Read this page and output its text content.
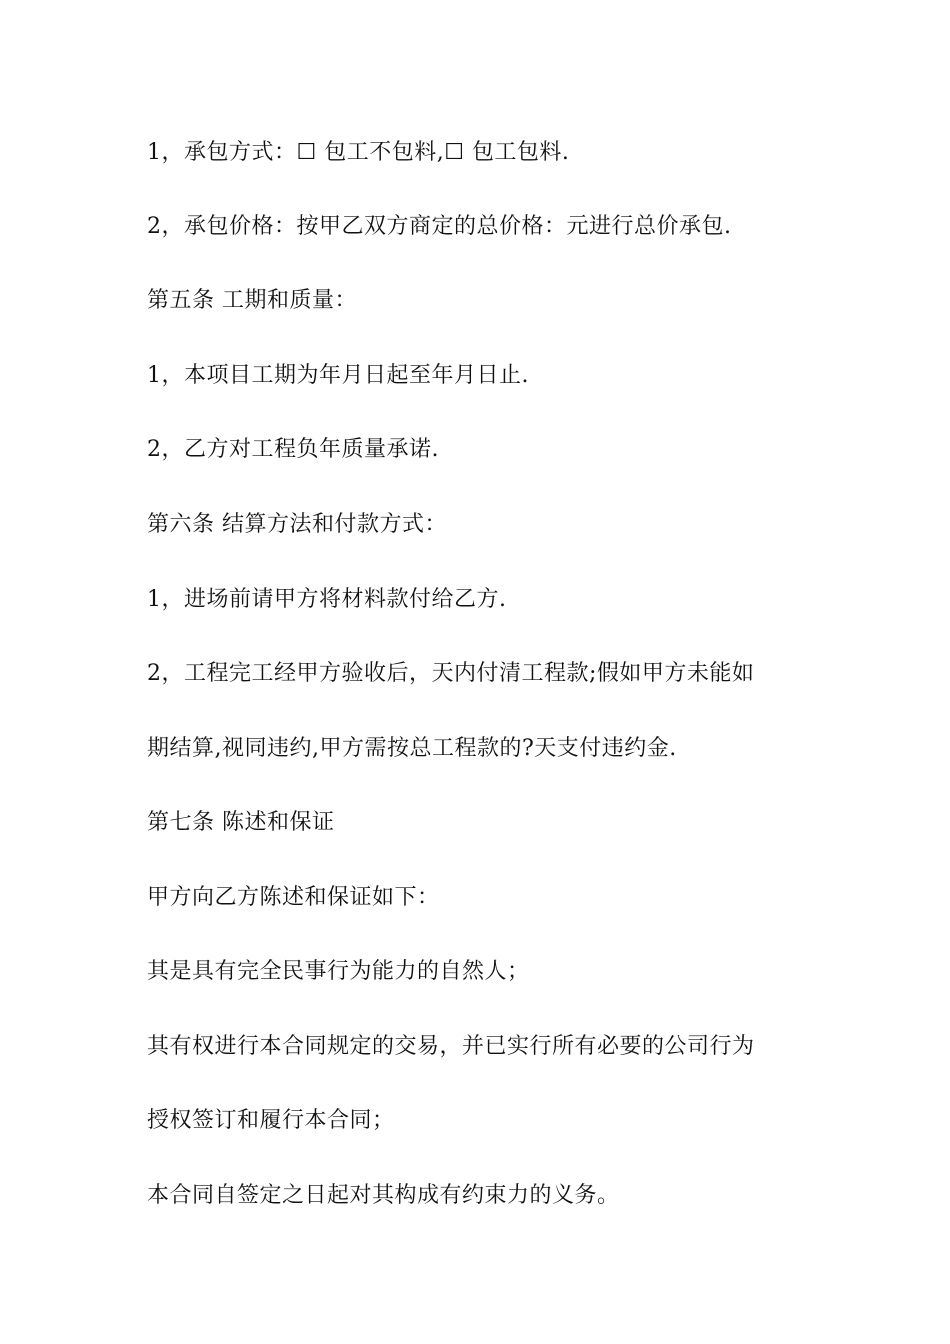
1，承包方式：☐ 包工不包料,☐ 包工包料.
2，承包价格：按甲乙双方商定的总价格：元进行总价承包.
第五条 工期和质量：
1，本项目工期为年月日起至年月日止.
2，乙方对工程负年质量承诺.
第六条 结算方法和付款方式：
1，进场前请甲方将材料款付给乙方.
2，工程完工经甲方验收后，天内付清工程款;假如甲方未能如
期结算,视同违约,甲方需按总工程款的?天支付违约金.
第七条 陈述和保证
甲方向乙方陈述和保证如下：
其是具有完全民事行为能力的自然人；
其有权进行本合同规定的交易，并已实行所有必要的公司行为
授权签订和履行本合同；
本合同自签定之日起对其构成有约束力的义务。
